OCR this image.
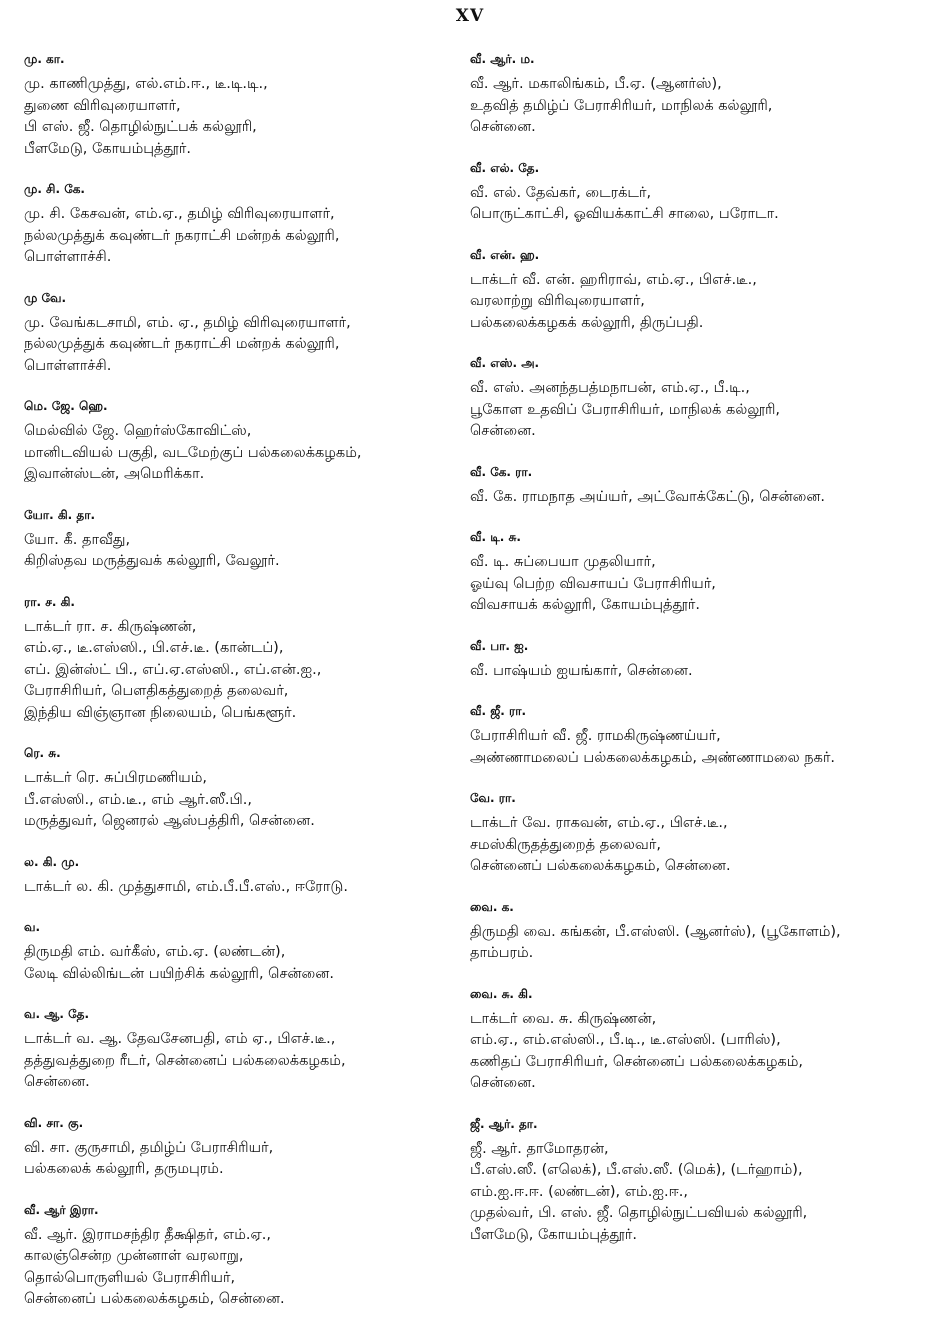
XV
மு. கா.
மு. காணிமுத்து, எல்.எம்.ஈ., டீ.டி.டி.,
துணை விரிவுரையாளர்,
பி எஸ். ஜீ. தொழில்நுட்பக் கல்லூரி,
பீளமேடு, கோயம்புத்தூர்.
மு. சி. கே.
மு. சி. கேசவன், எம்.ஏ., தமிழ் விரிவுரையாளர்,
நல்லமுத்துக் கவுண்டர் நகராட்சி மன்றக் கல்லூரி,
பொள்ளாச்சி.
மு வே.
மு. வேங்கடசாமி, எம். ஏ., தமிழ் விரிவுரையாளர்,
நல்லமுத்துக் கவுண்டர் நகராட்சி மன்றக் கல்லூரி,
பொள்ளாச்சி.
மெ. ஜே. ஹெ.
மெல்வில் ஜே. ஹெர்ஸ்கோவிட்ஸ்,
மானிடவியல் பகுதி, வடமேற்குப் பல்கலைக்கழகம்,
இவான்ஸ்டன், அமெரிக்கா.
யோ. கி. தா.
யோ. கீ. தாவீது,
கிறிஸ்தவ மருத்துவக் கல்லூரி, வேலூர்.
ரா. ச. கி.
டாக்டர் ரா. ச. கிருஷ்ணன்,
எம்.ஏ., டீ.எஸ்ஸி., பி.எச்.டீ. (கான்டப்),
எப். இன்ஸ்ட் பி., எப்.ஏ.எஸ்ஸி., எப்.என்.ஐ.,
பேராசிரியர், பௌதிகத்துறைத் தலைவர்,
இந்திய விஞ்ஞான நிலையம், பெங்களூர்.
ரெ. சு.
டாக்டர் ரெ. சுப்பிரமணியம்,
பீ.எஸ்ஸி., எம்.டீ., எம் ஆர்.ஸீ.பி.,
மருத்துவர், ஜெனரல் ஆஸ்பத்திரி, சென்னை.
ல. கி. மு.
டாக்டர் ல. கி. முத்துசாமி, எம்.பீ.பீ.எஸ்., ஈரோடு.
வ.
திருமதி எம். வர்கீஸ், எம்.ஏ. (லண்டன்),
லேடி வில்லிங்டன் பயிற்சிக் கல்லூரி, சென்னை.
வ. ஆ. தே.
டாக்டர் வ. ஆ. தேவசேனபதி, எம் ஏ., பிஎச்.டீ.,
தத்துவத்துறை ரீடர், சென்னைப் பல்கலைக்கழகம்,
சென்னை.
வி. சா. கு.
வி. சா. குருசாமி, தமிழ்ப் பேராசிரியர்,
பல்கலைக் கல்லூரி, தருமபுரம்.
வீ. ஆர் இரா.
வீ. ஆர். இராமசந்திர தீக்ஷிதர், எம்.ஏ.,
காலஞ்சென்ற முன்னாள் வரலாறு,
தொல்பொருளியல் பேராசிரியர்,
சென்னைப் பல்கலைக்கழகம், சென்னை.
வீ. ஆர். ம.
வீ. ஆர். மகாலிங்கம், பீ.ஏ. (ஆனர்ஸ்),
உதவித் தமிழ்ப் பேராசிரியர், மாநிலக் கல்லூரி,
சென்னை.
வீ. எல். தே.
வீ. எல். தேவ்கர், டைரக்டர்,
பொருட்காட்சி, ஓவியக்காட்சி சாலை, பரோடா.
வீ. என். ஹ.
டாக்டர் வீ. என். ஹரிராவ், எம்.ஏ., பிஎச்.டீ.,
வரலாற்று விரிவுரையாளர்,
பல்கலைக்கழகக் கல்லூரி, திருப்பதி.
வீ. எஸ். அ.
வீ. எஸ். அனந்தபத்மநாபன், எம்.ஏ., பீ.டி.,
பூகோள உதவிப் பேராசிரியர், மாநிலக் கல்லூரி,
சென்னை.
வீ. கே. ரா.
வீ. கே. ராமநாத அய்யர், அட்வோக்கேட்டு, சென்னை.
வீ. டி. சு.
வீ. டி. சுப்பையா முதலியார்,
ஓய்வு பெற்ற விவசாயப் பேராசிரியர்,
விவசாயக் கல்லூரி, கோயம்புத்தூர்.
வீ. பா. ஐ.
வீ. பாஷ்யம் ஐயங்கார், சென்னை.
வீ. ஜீ. ரா.
பேராசிரியர் வீ. ஜீ. ராமகிருஷ்ணய்யர்,
அண்ணாமலைப் பல்கலைக்கழகம், அண்ணாமலை நகர்.
வே. ரா.
டாக்டர் வே. ராகவன், எம்.ஏ., பிஎச்.டீ.,
சமஸ்கிருதத்துறைத் தலைவர்,
சென்னைப் பல்கலைக்கழகம், சென்னை.
வை. க.
திருமதி வை. கங்கன், பீ.எஸ்ஸி. (ஆனர்ஸ்), (பூகோளம்),
தாம்பரம்.
வை. சு. கி.
டாக்டர் வை. சு. கிருஷ்ணன்,
எம்.ஏ., எம்.எஸ்ஸி., பீ.டி., டீ.எஸ்ஸி. (பாரிஸ்),
கணிதப் பேராசிரியர், சென்னைப் பல்கலைக்கழகம்,
சென்னை.
ஜீ. ஆர். தா.
ஜீ. ஆர். தாமோதரன்,
பீ.எஸ்.ஸீ. (எலெக்), பீ.எஸ்.ஸீ. (மெக்), (டர்ஹாம்),
எம்.ஐ.ஈ.ஈ. (லண்டன்), எம்.ஐ.ஈ.,
முதல்வர், பி. எஸ். ஜீ. தொழில்நுட்பவியல் கல்லூரி,
பீளமேடு, கோயம்புத்தூர்.
